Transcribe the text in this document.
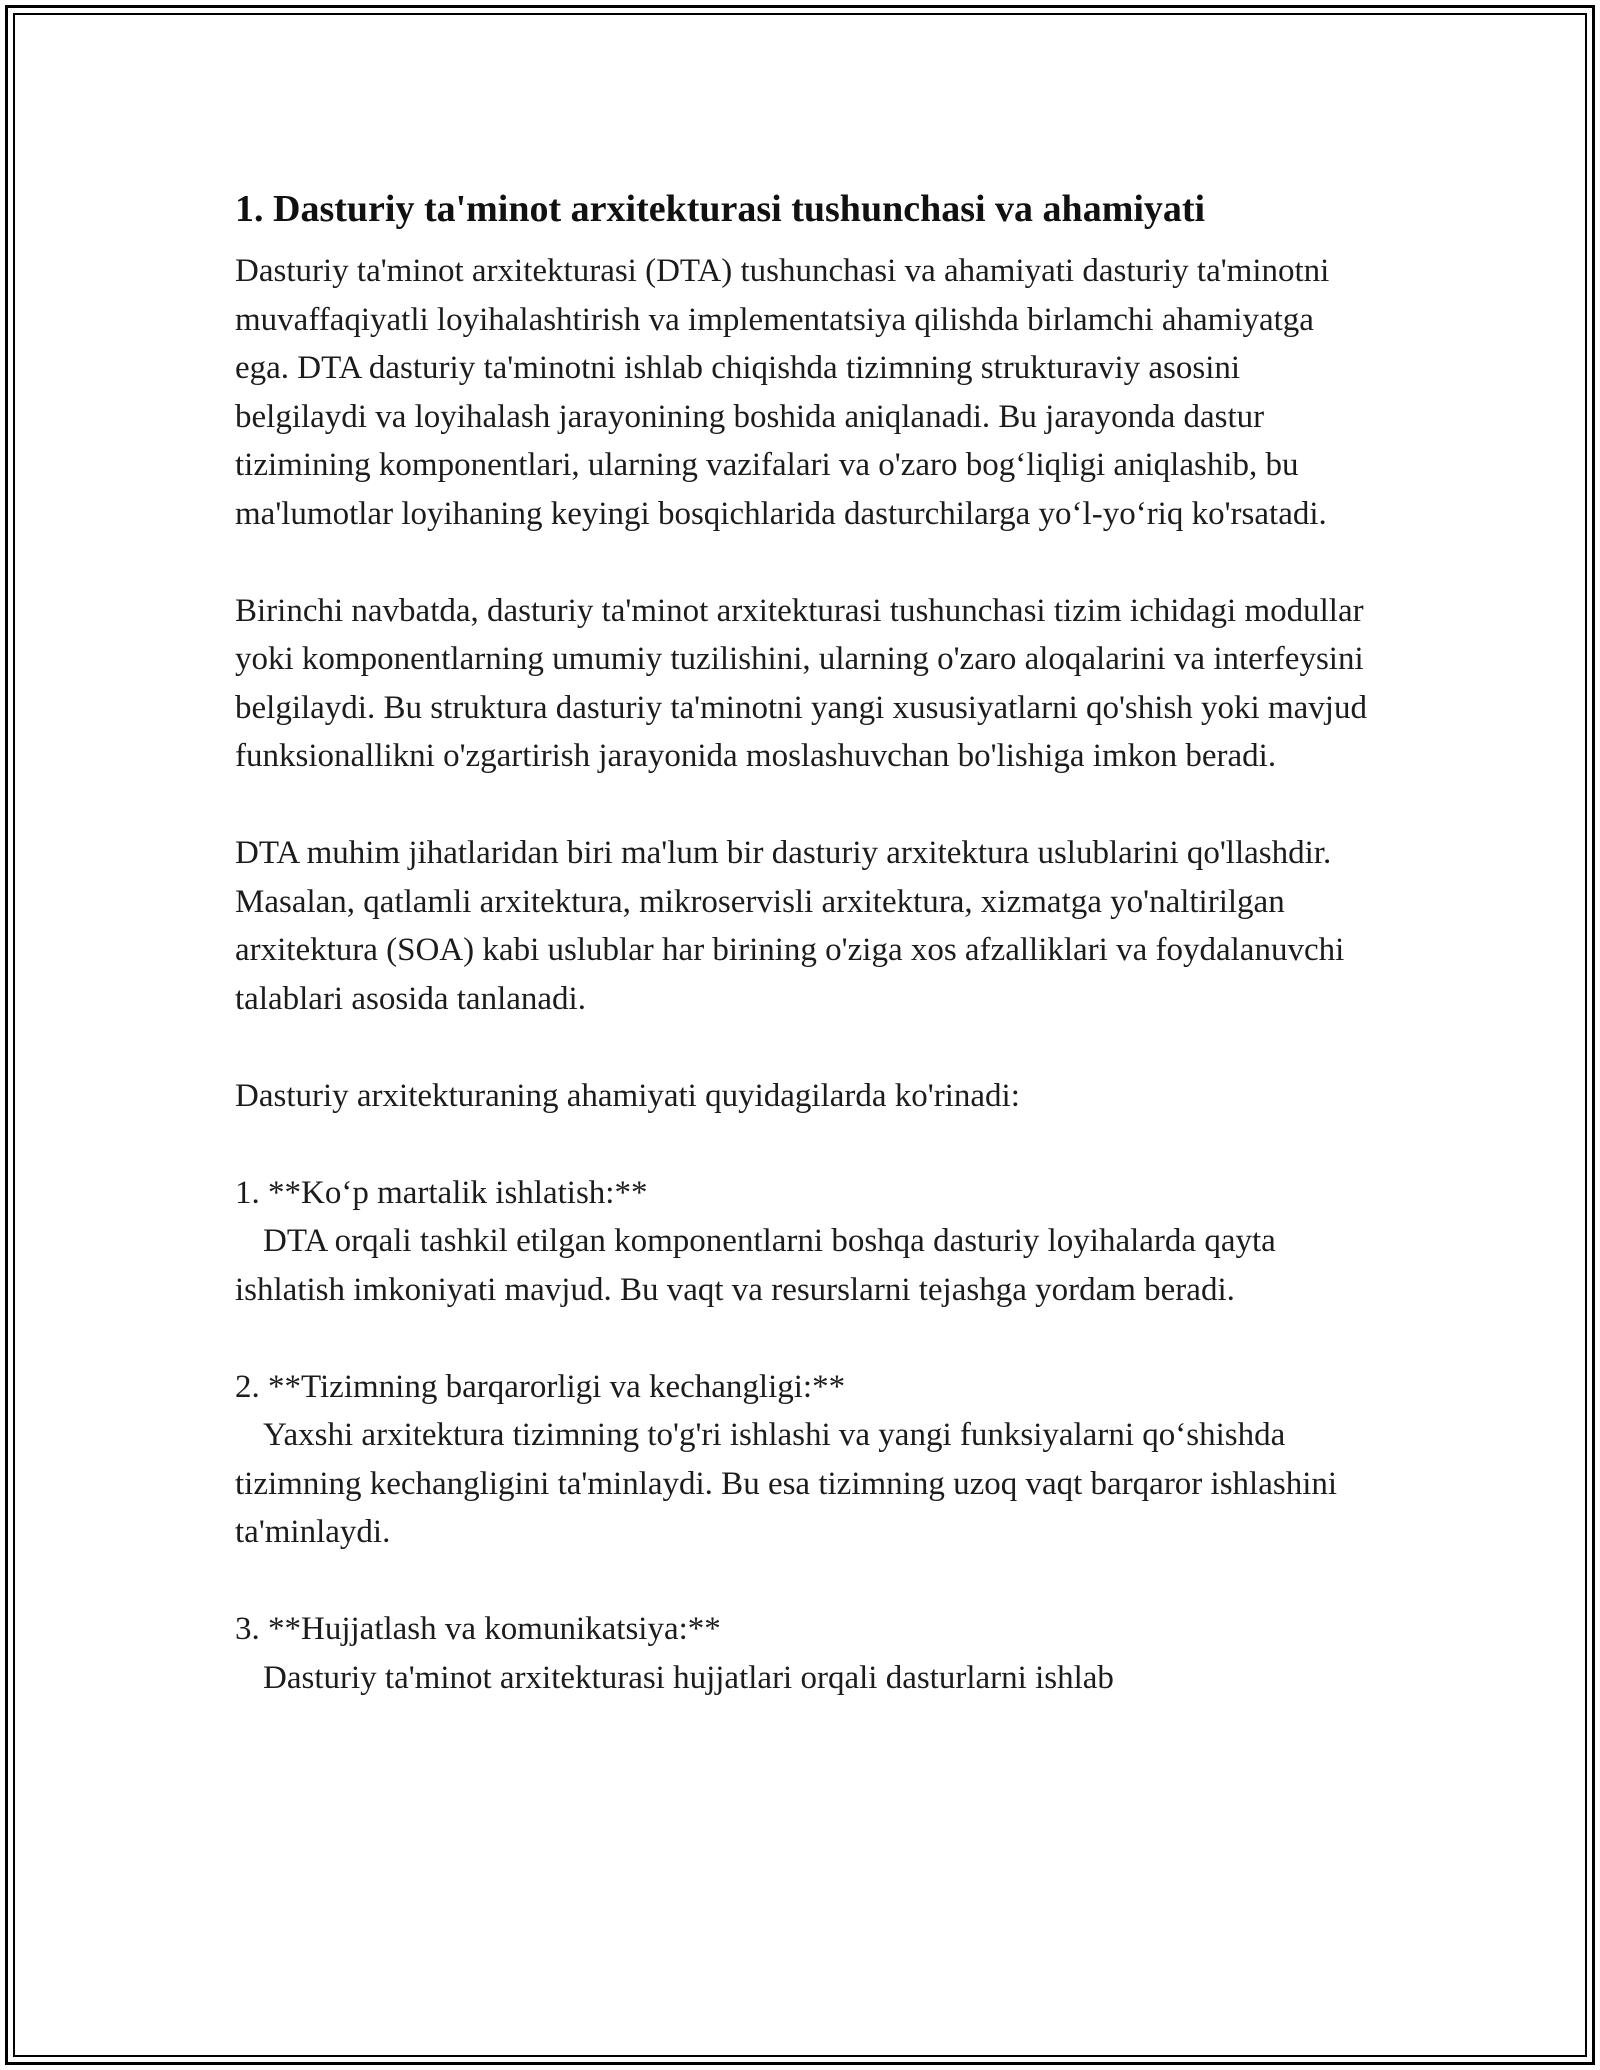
1. Dasturiy ta'minot arxitekturasi tushunchasi va ahamiyati

Dasturiy ta'minot arxitekturasi (DTA) tushunchasi va ahamiyati dasturiy ta'minotni muvaffaqiyatli loyihalashtirish va implementatsiya qilishda birlamchi ahamiyatga ega. DTA dasturiy ta'minotni ishlab chiqishda tizimning strukturaviy asosini belgilaydi va loyihalash jarayonining boshida aniqlanadi. Bu jarayonda dastur tizimining komponentlari, ularning vazifalari va o'zaro bog‘liqligi aniqlashib, bu ma'lumotlar loyihaning keyingi bosqichlarida dasturchilarga yo‘l-yo‘riq ko'rsatadi.

Birinchi navbatda, dasturiy ta'minot arxitekturasi tushunchasi tizim ichidagi modullar yoki komponentlarning umumiy tuzilishini, ularning o'zaro aloqalarini va interfeysini belgilaydi. Bu struktura dasturiy ta'minotni yangi xususiyatlarni qo'shish yoki mavjud funksionallikni o'zgartirish jarayonida moslashuvchan bo'lishiga imkon beradi.

DTA muhim jihatlaridan biri ma'lum bir dasturiy arxitektura uslublarini qo'llashdir. Masalan, qatlamli arxitektura, mikroservisli arxitektura, xizmatga yo'naltirilgan arxitektura (SOA) kabi uslublar har birining o'ziga xos afzalliklari va foydalanuvchi talablari asosida tanlanadi.

Dasturiy arxitekturaning ahamiyati quyidagilarda ko'rinadi:

1. **Ko‘p martalik ishlatish:**
DTA orqali tashkil etilgan komponentlarni boshqa dasturiy loyihalarda qayta ishlatish imkoniyati mavjud. Bu vaqt va resurslarni tejashga yordam beradi.
2. **Tizimning barqarorligi va kechangligi:**
Yaxshi arxitektura tizimning to'g'ri ishlashi va yangi funksiyalarni qo‘shishda tizimning kechangligini ta'minlaydi. Bu esa tizimning uzoq vaqt barqaror ishlashini ta'minlaydi.
3. **Hujjatlash va komunikatsiya:**
Dasturiy ta'minot arxitekturasi hujjatlari orqali dasturlarni ishlab
